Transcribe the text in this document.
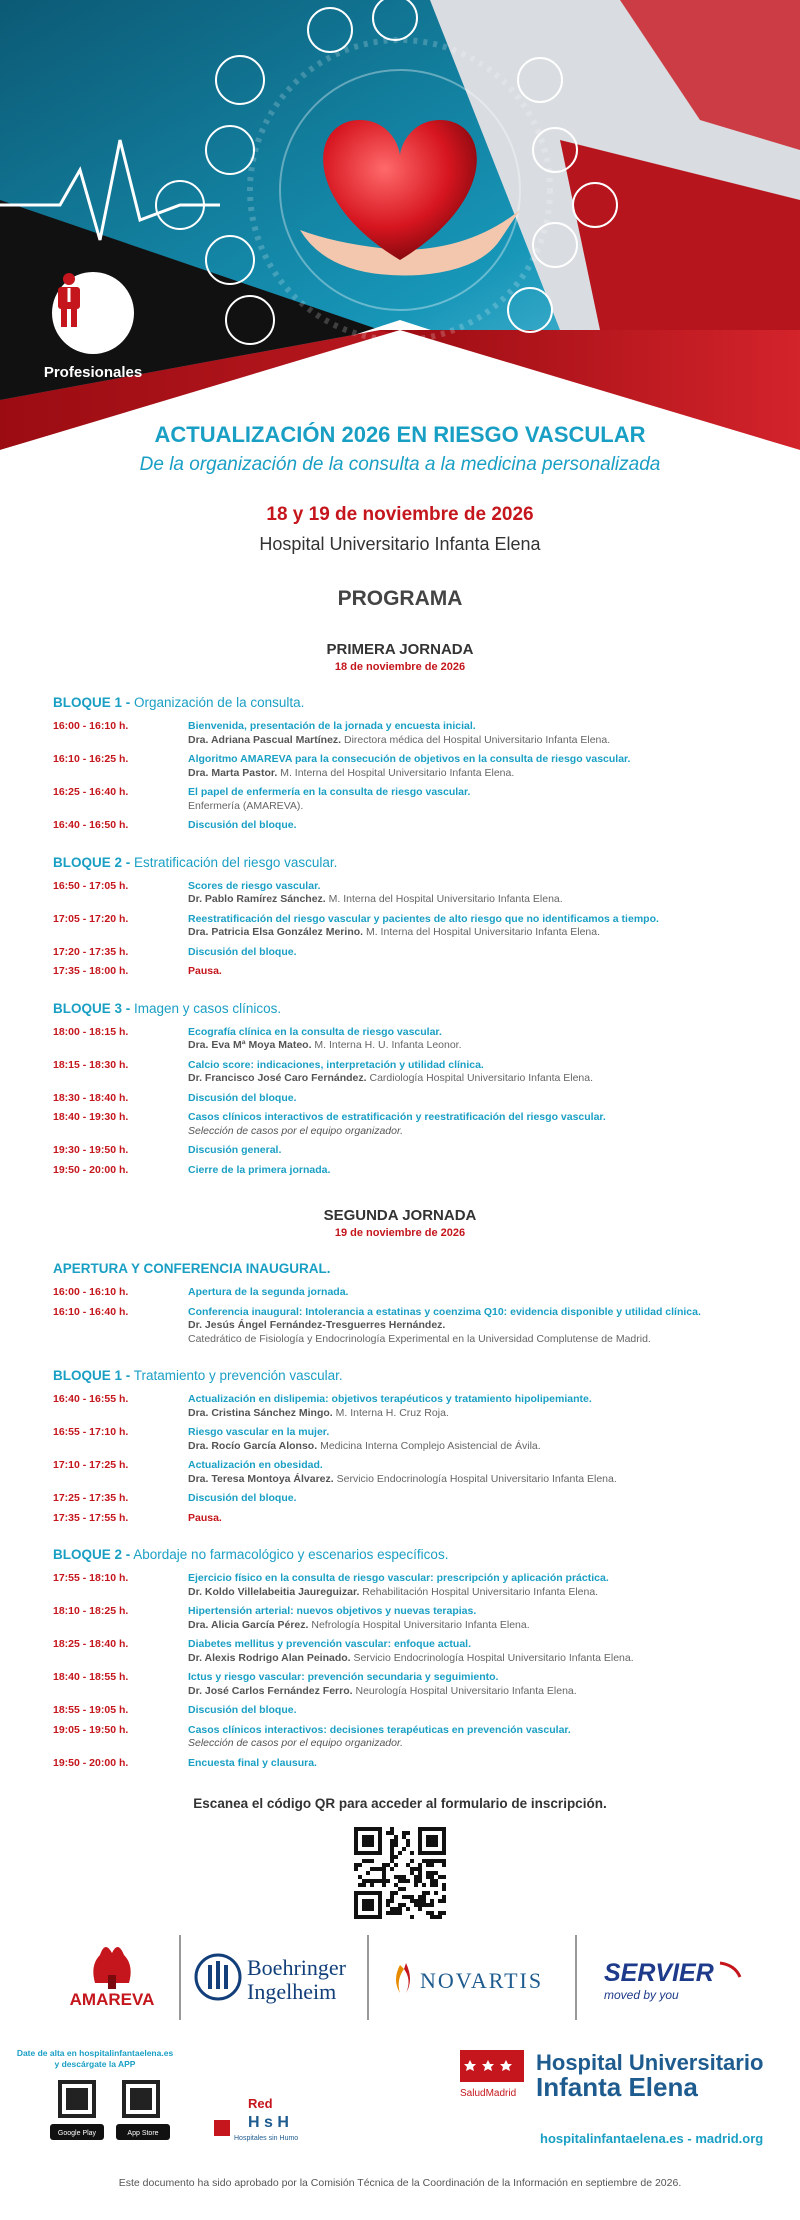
Profesionales
ACTUALIZACIÓN 2026 EN RIESGO VASCULAR
De la organización de la consulta a la medicina personalizada
18 y 19 de noviembre de 2026
Hospital Universitario Infanta Elena
PROGRAMA
PRIMERA JORNADA
18 de noviembre de 2026
BLOQUE 1 - Organización de la consulta.
16:00 - 16:10 h.	Bienvenida, presentación de la jornada y encuesta inicial.
Dra. Adriana Pascual Martínez. Directora médica del Hospital Universitario Infanta Elena.
16:10 - 16:25 h.	Algoritmo AMAREVA para la consecución de objetivos en la consulta de riesgo vascular.
Dra. Marta Pastor. M. Interna del Hospital Universitario Infanta Elena.
16:25 - 16:40 h.	El papel de enfermería en la consulta de riesgo vascular.
Enfermería (AMAREVA).
16:40 - 16:50 h.	Discusión del bloque.
BLOQUE 2 - Estratificación del riesgo vascular.
16:50 - 17:05 h.	Scores de riesgo vascular.
Dr. Pablo Ramírez Sánchez. M. Interna del Hospital Universitario Infanta Elena.
17:05 - 17:20 h.	Reestratificación del riesgo vascular y pacientes de alto riesgo que no identificamos a tiempo.
Dra. Patricia Elsa González Merino. M. Interna del Hospital Universitario Infanta Elena.
17:20 - 17:35 h.	Discusión del bloque.
17:35 - 18:00 h.	Pausa.
BLOQUE 3 - Imagen y casos clínicos.
18:00 - 18:15 h.	Ecografía clínica en la consulta de riesgo vascular.
Dra. Eva Mª Moya Mateo. M. Interna H. U. Infanta Leonor.
18:15 - 18:30 h.	Calcio score: indicaciones, interpretación y utilidad clínica.
Dr. Francisco José Caro Fernández. Cardiología Hospital Universitario Infanta Elena.
18:30 - 18:40 h.	Discusión del bloque.
18:40 - 19:30 h.	Casos clínicos interactivos de estratificación y reestratificación del riesgo vascular.
Selección de casos por el equipo organizador.
19:30 - 19:50 h.	Discusión general.
19:50 - 20:00 h.	Cierre de la primera jornada.
SEGUNDA JORNADA
19 de noviembre de 2026
APERTURA Y CONFERENCIA INAUGURAL.
16:00 - 16:10 h.	Apertura de la segunda jornada.
16:10 - 16:40 h.	Conferencia inaugural: Intolerancia a estatinas y coenzima Q10: evidencia disponible y utilidad clínica.
Dr. Jesús Ángel Fernández-Tresguerres Hernández.
Catedrático de Fisiología y Endocrinología Experimental en la Universidad Complutense de Madrid.
BLOQUE 1 - Tratamiento y prevención vascular.
16:40 - 16:55 h.	Actualización en dislipemia: objetivos terapéuticos y tratamiento hipolipemiante.
Dra. Cristina Sánchez Mingo. M. Interna H. Cruz Roja.
16:55 - 17:10 h.	Riesgo vascular en la mujer.
Dra. Rocío García Alonso. Medicina Interna Complejo Asistencial de Ávila.
17:10 - 17:25 h.	Actualización en obesidad.
Dra. Teresa Montoya Álvarez. Servicio Endocrinología Hospital Universitario Infanta Elena.
17:25 - 17:35 h.	Discusión del bloque.
17:35 - 17:55 h.	Pausa.
BLOQUE 2 - Abordaje no farmacológico y escenarios específicos.
17:55 - 18:10 h.	Ejercicio físico en la consulta de riesgo vascular: prescripción y aplicación práctica.
Dr. Koldo Villelabeitia Jaureguizar. Rehabilitación Hospital Universitario Infanta Elena.
18:10 - 18:25 h.	Hipertensión arterial: nuevos objetivos y nuevas terapias.
Dra. Alicia García Pérez. Nefrología Hospital Universitario Infanta Elena.
18:25 - 18:40 h.	Diabetes mellitus y prevención vascular: enfoque actual.
Dr. Alexis Rodrigo Alan Peinado. Servicio Endocrinología Hospital Universitario Infanta Elena.
18:40 - 18:55 h.	Ictus y riesgo vascular: prevención secundaria y seguimiento.
Dr. José Carlos Fernández Ferro. Neurología Hospital Universitario Infanta Elena.
18:55 - 19:05 h.	Discusión del bloque.
19:05 - 19:50 h.	Casos clínicos interactivos: decisiones terapéuticas en prevención vascular.
Selección de casos por el equipo organizador.
19:50 - 20:00 h.	Encuesta final y clausura.
Escanea el código QR para acceder al formulario de inscripción.
AMAREVA
Boehringer
Ingelheim	NOVARTIS SERVIER
moved by you
Date de alta en hospitalinfantaelena.es
y descárgate la APP
Google Play	App Store
Red
H s H
Hospitales sin Humo
SaludMadrid
Hospital Universitario
Infanta Elena
hospitalinfantaelena.es - madrid.org
Este documento ha sido aprobado por la Comisión Técnica de la Coordinación de la Información en septiembre de 2026.
